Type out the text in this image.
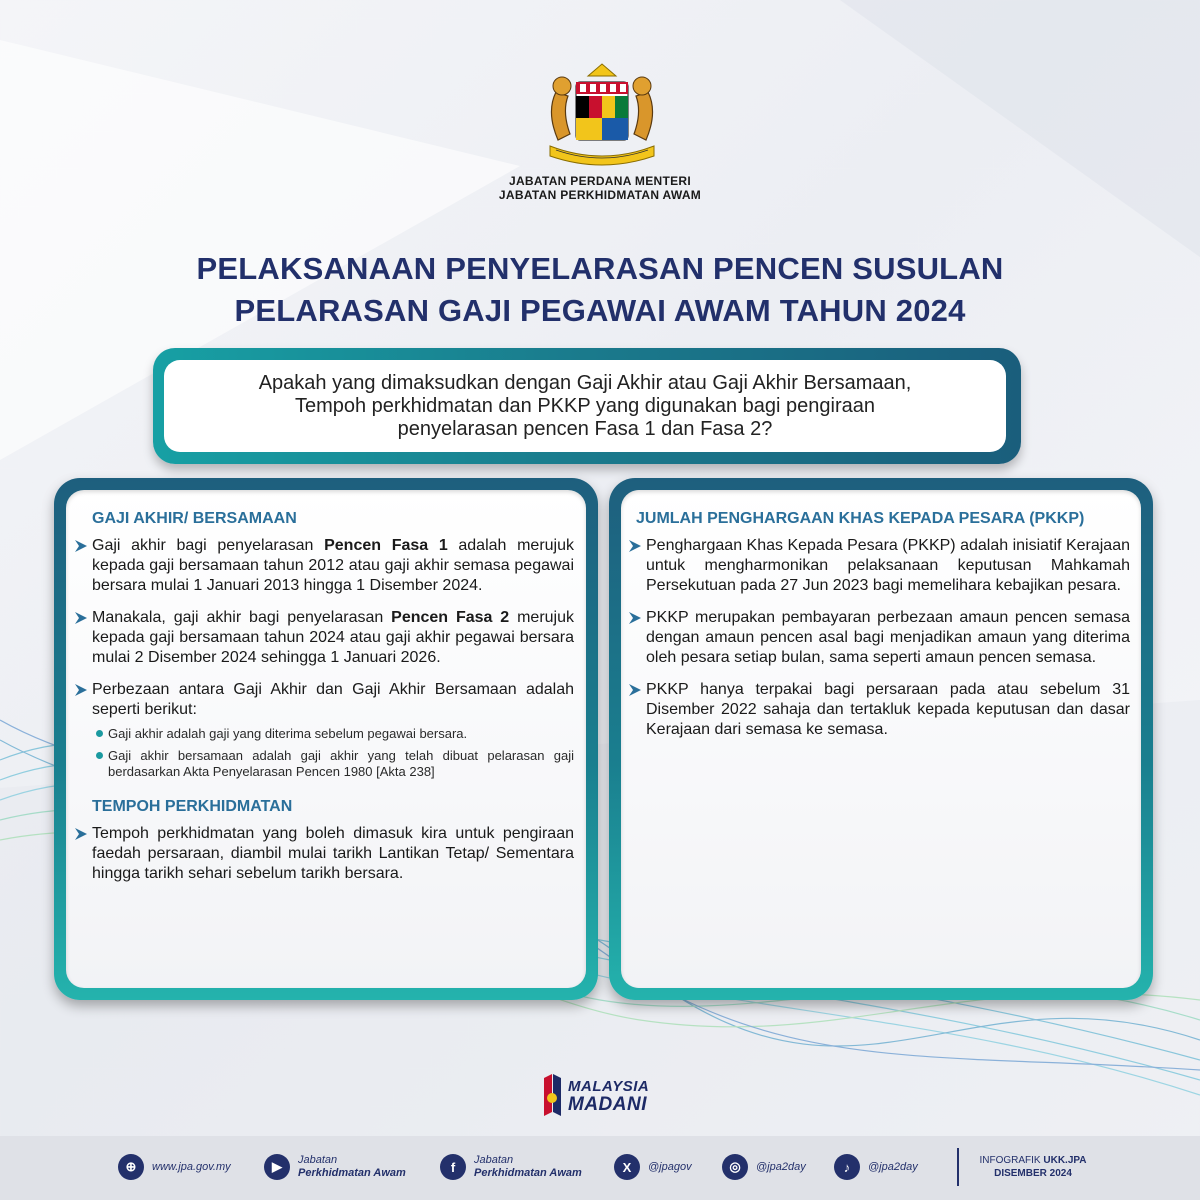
JABATAN PERDANA MENTERI
JABATAN PERKHIDMATAN AWAM
PELAKSANAAN PENYELARASAN PENCEN SUSULAN
PELARASAN GAJI PEGAWAI AWAM TAHUN 2024
Apakah yang dimaksudkan dengan Gaji Akhir atau Gaji Akhir Bersamaan,
Tempoh perkhidmatan dan PKKP yang digunakan bagi pengiraan
penyelarasan pencen Fasa 1 dan Fasa 2?
GAJI AKHIR/ BERSAMAAN
Gaji akhir bagi penyelarasan Pencen Fasa 1 adalah merujuk kepada gaji bersamaan tahun 2012 atau gaji akhir semasa pegawai bersara mulai 1 Januari 2013 hingga 1 Disember 2024.
Manakala, gaji akhir bagi penyelarasan Pencen Fasa 2 merujuk kepada gaji bersamaan tahun 2024 atau gaji akhir pegawai bersara mulai 2 Disember 2024 sehingga 1 Januari 2026.
Perbezaan antara Gaji Akhir dan Gaji Akhir Bersamaan adalah seperti berikut:
Gaji akhir adalah gaji yang diterima sebelum pegawai bersara.
Gaji akhir bersamaan adalah gaji akhir yang telah dibuat pelarasan gaji berdasarkan Akta Penyelarasan Pencen 1980 [Akta 238]
TEMPOH PERKHIDMATAN
Tempoh perkhidmatan yang boleh dimasuk kira untuk pengiraan faedah persaraan, diambil mulai tarikh Lantikan Tetap/ Sementara hingga tarikh sehari sebelum tarikh bersara.
JUMLAH PENGHARGAAN KHAS KEPADA PESARA (PKKP)
Penghargaan Khas Kepada Pesara (PKKP) adalah inisiatif Kerajaan untuk mengharmonikan pelaksanaan keputusan Mahkamah Persekutuan pada 27 Jun 2023 bagi memelihara kebajikan pesara.
PKKP merupakan pembayaran perbezaan amaun pencen semasa dengan amaun pencen asal bagi menjadikan amaun yang diterima oleh pesara setiap bulan, sama seperti amaun pencen semasa.
PKKP hanya terpakai bagi persaraan pada atau sebelum 31 Disember 2022 sahaja dan tertakluk kepada keputusan dan dasar Kerajaan dari semasa ke semasa.
MALAYSIA
MADANI
⊕	www.jpa.gov.my	▶	Jabatan
Perkhidmatan Awam	f	Jabatan
Perkhidmatan Awam	X	@jpagov	◎	@jpa2day	♪	@jpa2day	INFOGRAFIK UKK.JPA
DISEMBER 2024
